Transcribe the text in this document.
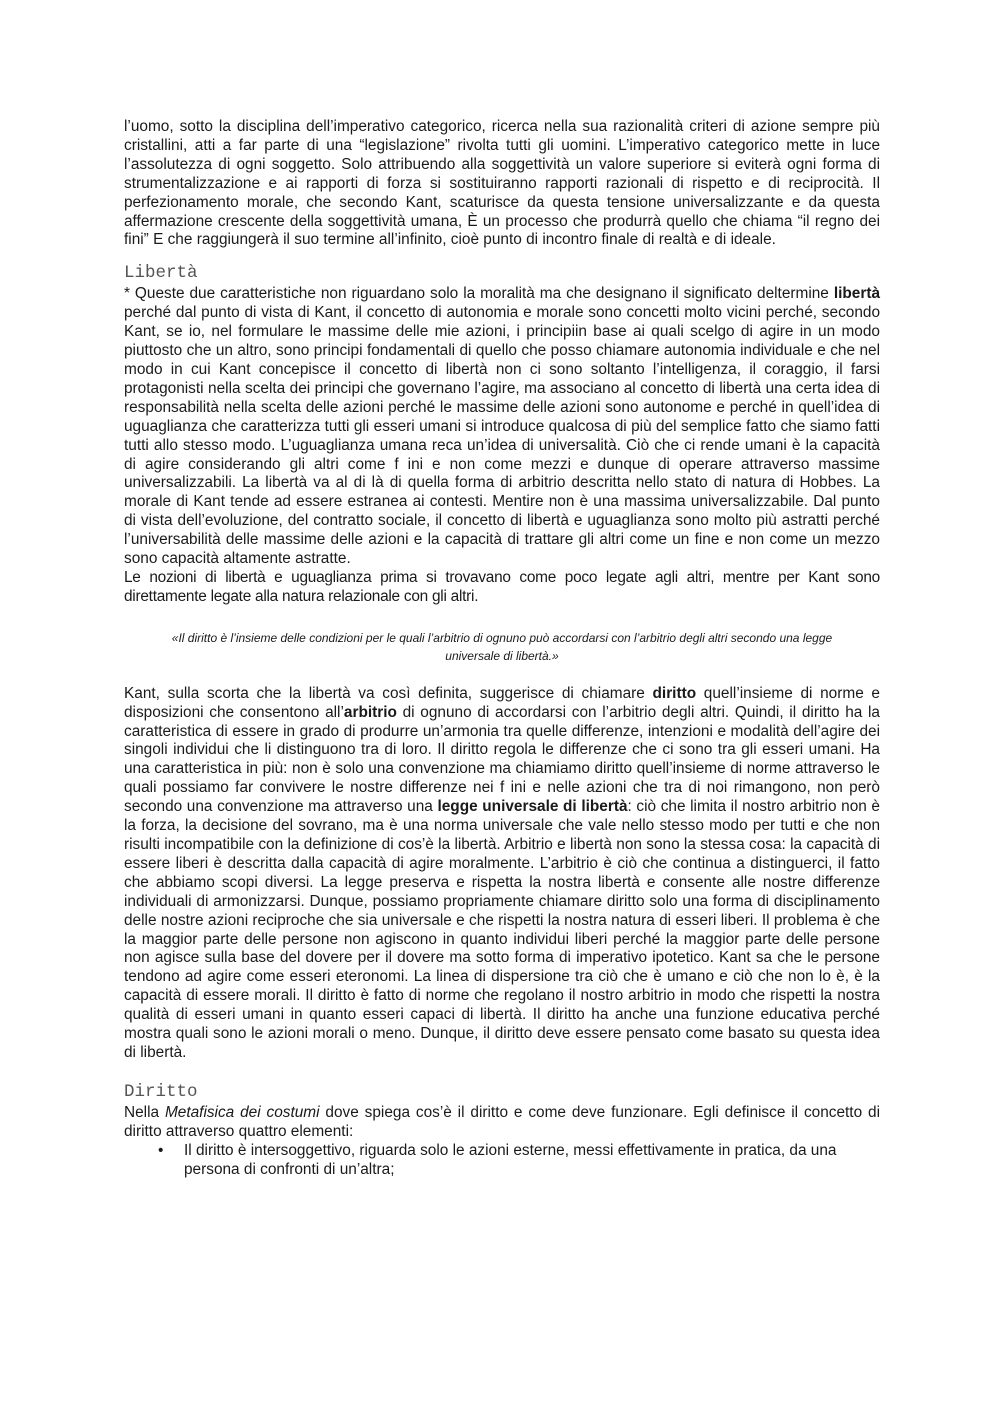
l’uomo, sotto la disciplina dell’imperativo categorico, ricerca nella sua razionalità criteri di azione sempre più cristallini, atti a far parte di una “legislazione” rivolta tutti gli uomini. L’imperativo categorico mette in luce l’assolutezza di ogni soggetto. Solo attribuendo alla soggettività un valore superiore si eviterà ogni forma di strumentalizzazione e ai rapporti di forza si sostituiranno rapporti razionali di rispetto e di reciprocità. Il perfezionamento morale, che secondo Kant, scaturisce da questa tensione universalizzante e da questa affermazione crescente della soggettività umana, È un processo che produrrà quello che chiama “il regno dei fini” E che raggiungerà il suo termine all’infinito, cioè punto di incontro finale di realtà e di ideale.

Libertà

* Queste due caratteristiche non riguardano solo la moralità ma che designano il significato deltermine libertà perché dal punto di vista di Kant, il concetto di autonomia e morale sono concetti molto vicini perché, secondo Kant, se io, nel formulare le massime delle mie azioni, i principiin base ai quali scelgo di agire in un modo piuttosto che un altro, sono principi fondamentali di quello che posso chiamare autonomia individuale e che nel modo in cui Kant concepisce il concetto di libertà non ci sono soltanto l’intelligenza, il coraggio, il farsi protagonisti nella scelta dei principi che governano l’agire, ma associano al concetto di libertà una certa idea di responsabilità nella scelta delle azioni perché le massime delle azioni sono autonome e perché in quell’idea di uguaglianza che caratterizza tutti gli esseri umani si introduce qualcosa di più del semplice fatto che siamo fatti tutti allo stesso modo. L’uguaglianza umana reca un’idea di universalità. Ciò che ci rende umani è la capacità di agire considerando gli altri come f ini e non come mezzi e dunque di operare attraverso massime universalizzabili. La libertà va al di là di quella forma di arbitrio descritta nello stato di natura di Hobbes. La morale di Kant tende ad essere estranea ai contesti. Mentire non è una massima universalizzabile. Dal punto di vista dell’evoluzione, del contratto sociale, il concetto di libertà e uguaglianza sono molto più astratti perché l’universabilità delle massime delle azioni e la capacità di trattare gli altri come un fine e non come un mezzo sono capacità altamente astratte.

Le nozioni di libertà e uguaglianza prima si trovavano come poco legate agli altri, mentre per Kant sono direttamente legate alla natura relazionale con gli altri.

«Il diritto è l’insieme delle condizioni per le quali l’arbitrio di ognuno può accordarsi con l’arbitrio degli altri secondo una legge universale di libertà.»

Kant, sulla scorta che la libertà va così definita, suggerisce di chiamare diritto quell’insieme di norme e disposizioni che consentono all’arbitrio di ognuno di accordarsi con l’arbitrio degli altri. Quindi, il diritto ha la caratteristica di essere in grado di produrre un’armonia tra quelle differenze, intenzioni e modalità dell’agire dei singoli individui che li distinguono tra di loro. Il diritto regola le differenze che ci sono tra gli esseri umani. Ha una caratteristica in più: non è solo una convenzione ma chiamiamo diritto quell’insieme di norme attraverso le quali possiamo far convivere le nostre differenze nei f ini e nelle azioni che tra di noi rimangono, non però secondo una convenzione ma attraverso una legge universale di libertà: ciò che limita il nostro arbitrio non è la forza, la decisione del sovrano, ma è una norma universale che vale nello stesso modo per tutti e che non risulti incompatibile con la definizione di cos’è la libertà. Arbitrio e libertà non sono la stessa cosa: la capacità di essere liberi è descritta dalla capacità di agire moralmente. L’arbitrio è ciò che continua a distinguerci, il fatto che abbiamo scopi diversi. La legge preserva e rispetta la nostra libertà e consente alle nostre differenze individuali di armonizzarsi. Dunque, possiamo propriamente chiamare diritto solo una forma di disciplinamento delle nostre azioni reciproche che sia universale e che rispetti la nostra natura di esseri liberi. Il problema è che la maggior parte delle persone non agiscono in quanto individui liberi perché la maggior parte delle persone non agisce sulla base del dovere per il dovere ma sotto forma di imperativo ipotetico. Kant sa che le persone tendono ad agire come esseri eteronomi. La linea di dispersione tra ciò che è umano e ciò che non lo è, è la capacità di essere morali. Il diritto è fatto di norme che regolano il nostro arbitrio in modo che rispetti la nostra qualità di esseri umani in quanto esseri capaci di libertà. Il diritto ha anche una funzione educativa perché mostra quali sono le azioni morali o meno. Dunque, il diritto deve essere pensato come basato su questa idea di libertà.

Diritto

Nella Metafisica dei costumi dove spiega cos’è il diritto e come deve funzionare. Egli definisce il concetto di diritto attraverso quattro elementi:

• Il diritto è intersoggettivo, riguarda solo le azioni esterne, messi effettivamente in pratica, da una persona di confronti di un’altra;
